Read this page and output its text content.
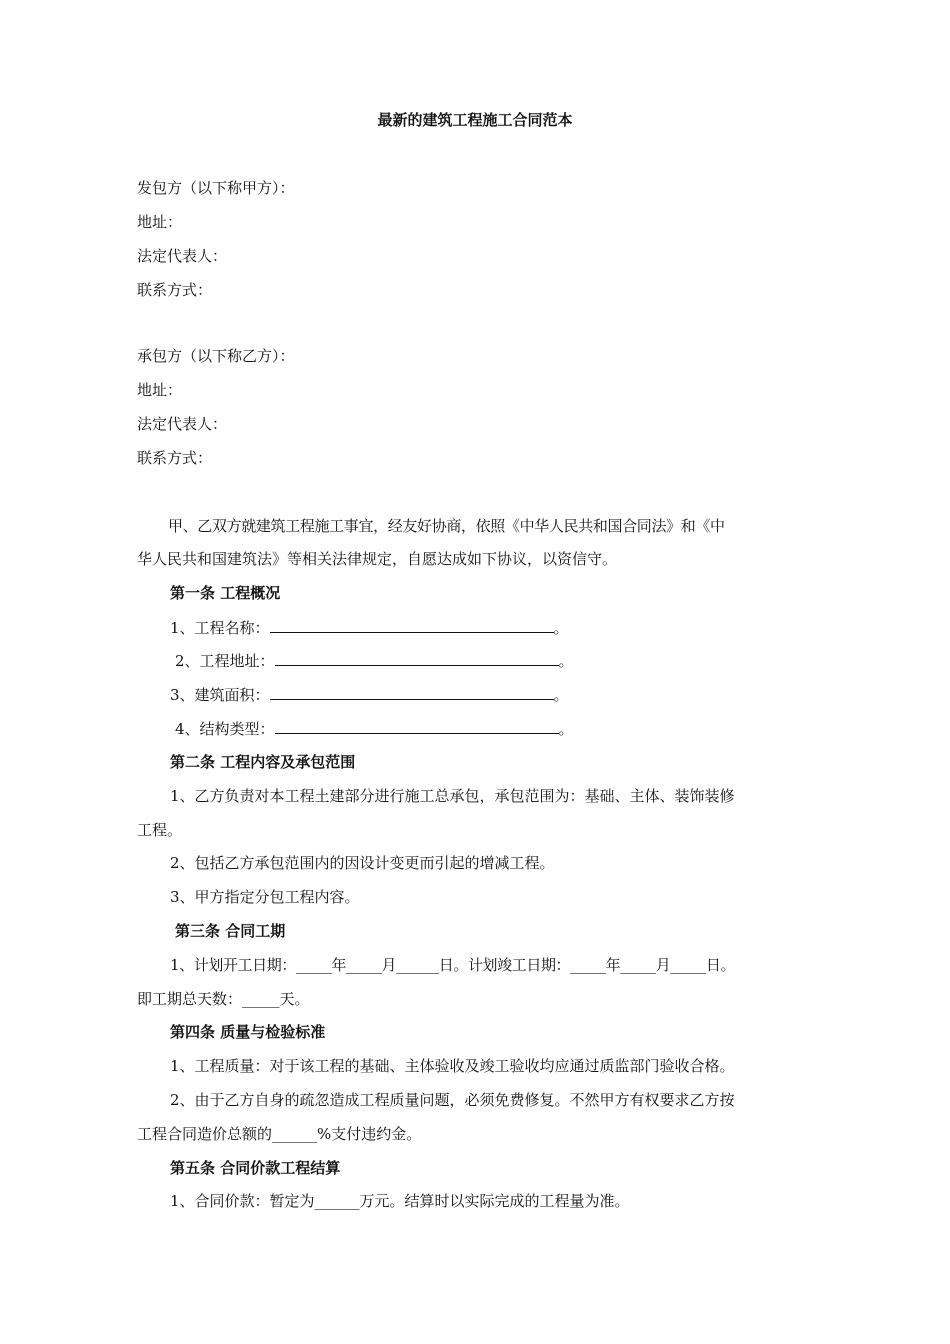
最新的建筑工程施工合同范本
发包方（以下称甲方）：
地址：
法定代表人：
联系方式：
承包方（以下称乙方）：
地址：
法定代表人：
联系方式：
甲、乙双方就建筑工程施工事宜，经友好协商，依照《中华人民共和国合同法》和《中
华人民共和国建筑法》等相关法律规定，自愿达成如下协议，以资信守。
第一条 工程概况
1、工程名称：	。
2、工程地址：	。
3、建筑面积：	。
4、结构类型：	。
第二条 工程内容及承包范围
1、乙方负责对本工程土建部分进行施工总承包，承包范围为：基础、主体、装饰装修
工程。
2、包括乙方承包范围内的因设计变更而引起的增减工程。
3、甲方指定分包工程内容。
第三条 合同工期
1、计划开工日期：_____年_____月______日。计划竣工日期：_____年_____月_____日。
即工期总天数：_____天。
第四条 质量与检验标准
1、工程质量：对于该工程的基础、主体验收及竣工验收均应通过质监部门验收合格。
2、由于乙方自身的疏忽造成工程质量问题，必须免费修复。不然甲方有权要求乙方按
工程合同造价总额的______%支付违约金。
第五条 合同价款工程结算
1、合同价款：暂定为______万元。结算时以实际完成的工程量为准。
